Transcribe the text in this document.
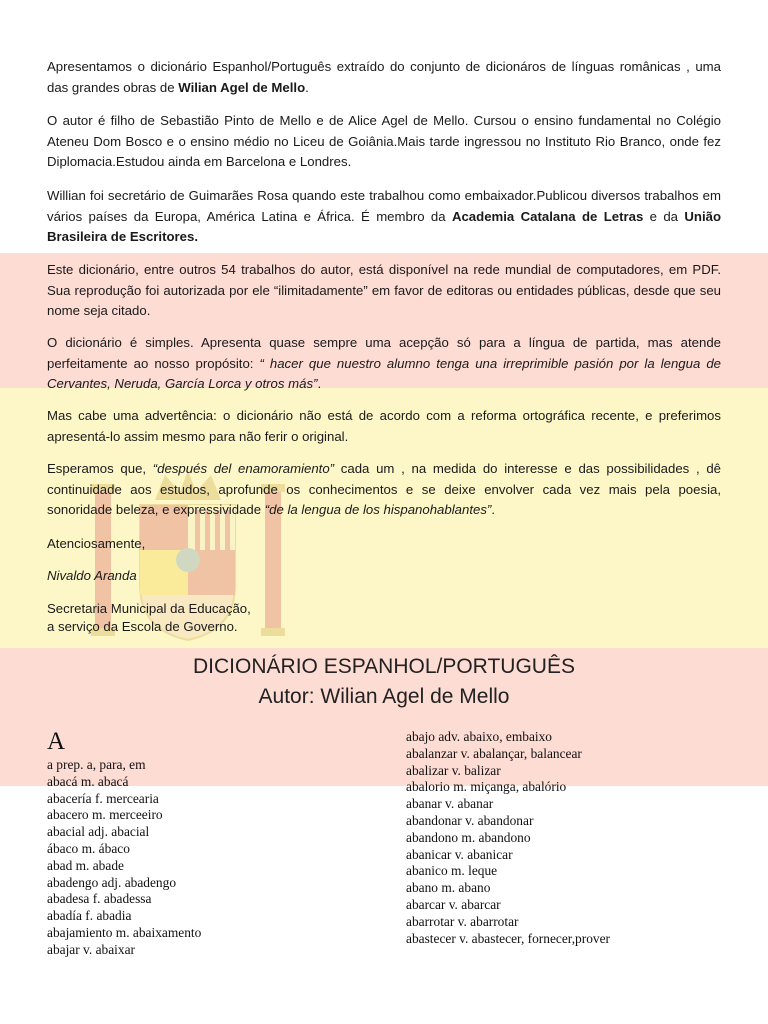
Apresentamos o dicionário Espanhol/Português extraído do conjunto de dicionáros de línguas românicas , uma das grandes obras de Wilian Agel de Mello.

O autor é filho de Sebastião Pinto de Mello e de Alice Agel de Mello. Cursou o ensino fundamental no Colégio Ateneu Dom Bosco e o ensino médio no Liceu de Goiânia.Mais tarde ingressou no Instituto Rio Branco, onde fez Diplomacia.Estudou ainda em Barcelona e Londres.

Willian foi secretário de Guimarães Rosa quando este trabalhou como embaixador.Publicou diversos trabalhos em vários países da Europa, América Latina e África. É membro da Academia Catalana de Letras e da União Brasileira de Escritores.

Este dicionário, entre outros 54 trabalhos do autor, está disponível na rede mundial de computadores, em PDF. Sua reprodução foi autorizada por ele “ilimitadamente” em favor de editoras ou entidades públicas, desde que seu nome seja citado.

O dicionário é simples. Apresenta quase sempre uma acepção só para a língua de partida, mas atende perfeitamente ao nosso propósito: “ hacer que nuestro alumno tenga una irreprimible pasión por la lengua de Cervantes, Neruda, García Lorca y otros más”.

Mas cabe uma advertência: o dicionário não está de acordo com a reforma ortográfica recente, e preferimos apresentá-lo assim mesmo para não ferir o original.

Esperamos que, “después del enamoramiento” cada um , na medida do interesse e das possibilidades , dê continuidade aos estudos, aprofunde os conhecimentos e se deixe envolver cada vez mais pela poesia, sonoridade beleza, e expressividade “de la lengua de los hispanohablantes”.

Atenciosamente,

Nivaldo Aranda

Secretaria Municipal da Educação,

a serviço da Escola de Governo.

DICIONÁRIO ESPANHOL/PORTUGUÊS

Autor: Wilian Agel de Mello

A
a prep. a, para, em
abacá m. abacá
abacería f. mercearia
abacero m. merceeiro
abacial adj. abacial
ábaco m. ábaco
abad m. abade
abadengo adj. abadengo
abadesa f. abadessa
abadía f. abadia
abajamiento m. abaixamento
abajar v. abaixar
abajo adv. abaixo, embaixo
abalanzar v. abalançar, balancear
abalizar v. balizar
abalorio m. miçanga, abalório
abanar v. abanar
abandonar v. abandonar
abandono m. abandono
abanicar v. abanicar
abanico m. leque
abano m. abano
abarcar v. abarcar
abarrotar v. abarrotar
abastecer v. abastecer, fornecer,prover
